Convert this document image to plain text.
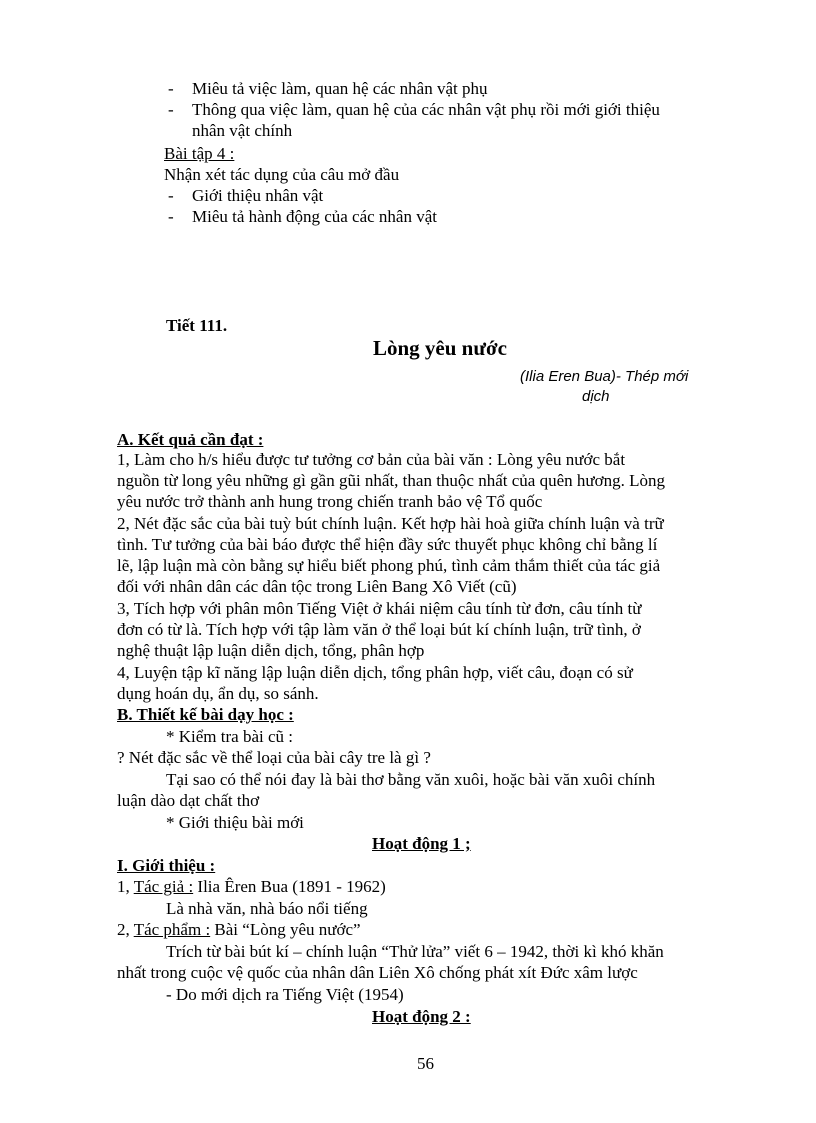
- Miêu tả việc làm, quan hệ các nhân vật phụ
- Thông qua việc làm, quan hệ của các nhân vật phụ rồi mới giới thiệu
nhân vật chính
Bài tập 4 :
Nhận xét tác dụng của câu mở đầu
- Giới thiệu nhân vật
- Miêu tả hành động của các nhân vật
Tiết 111.
Lòng yêu nước
(Ilia Eren Bua)- Thép mới
dịch
A. Kết quả cần đạt :
1, Làm cho h/s hiểu được tư tưởng cơ bản của bài văn : Lòng yêu nước bắt
nguồn từ long yêu những gì gần gũi nhất, than thuộc nhất của quên hương. Lòng
yêu nước trở thành anh hung trong chiến tranh bảo vệ Tổ quốc
2, Nét đặc sắc của bài tuỳ bút chính luận. Kết hợp hài hoà giữa chính luận và trữ
tình. Tư tưởng của bài báo được thể hiện đầy sức thuyết phục không chỉ bằng lí
lẽ, lập luận mà còn bằng sự hiểu biết phong phú, tình cảm thắm thiết của tác giả
đối với nhân dân các dân tộc trong Liên Bang Xô Viết (cũ)
3, Tích hợp với phân môn Tiếng Việt ở khái niệm câu tính từ đơn, câu tính từ
đơn có từ là. Tích hợp với tập làm văn ở thể loại bút kí chính luận, trữ tình, ở
nghệ thuật lập luận diễn dịch, tổng, phân hợp
4, Luyện tập kĩ năng lập luận diễn dịch, tổng phân hợp, viết câu, đoạn có sử
dụng hoán dụ, ẩn dụ, so sánh.
B. Thiết kế bài dạy học :
* Kiểm tra bài cũ :
? Nét đặc sắc về thể loại của bài cây tre là gì ?
Tại sao có thể nói đay là bài thơ bằng văn xuôi, hoặc bài văn xuôi chính
luận dào dạt chất thơ
* Giới thiệu bài mới
Hoạt động 1 ;
I. Giới thiệu :
1, Tác giả : Ilia Êren Bua (1891 - 1962)
Là nhà văn, nhà báo nổi tiếng
2, Tác phẩm : Bài “Lòng yêu nước”
Trích từ bài bút kí – chính luận “Thử lửa” viết 6 – 1942, thời kì khó khăn
nhất trong cuộc vệ quốc của nhân dân Liên Xô chống phát xít Đức xâm lược
- Do mới dịch ra Tiếng Việt (1954)
Hoạt động 2 :
56
